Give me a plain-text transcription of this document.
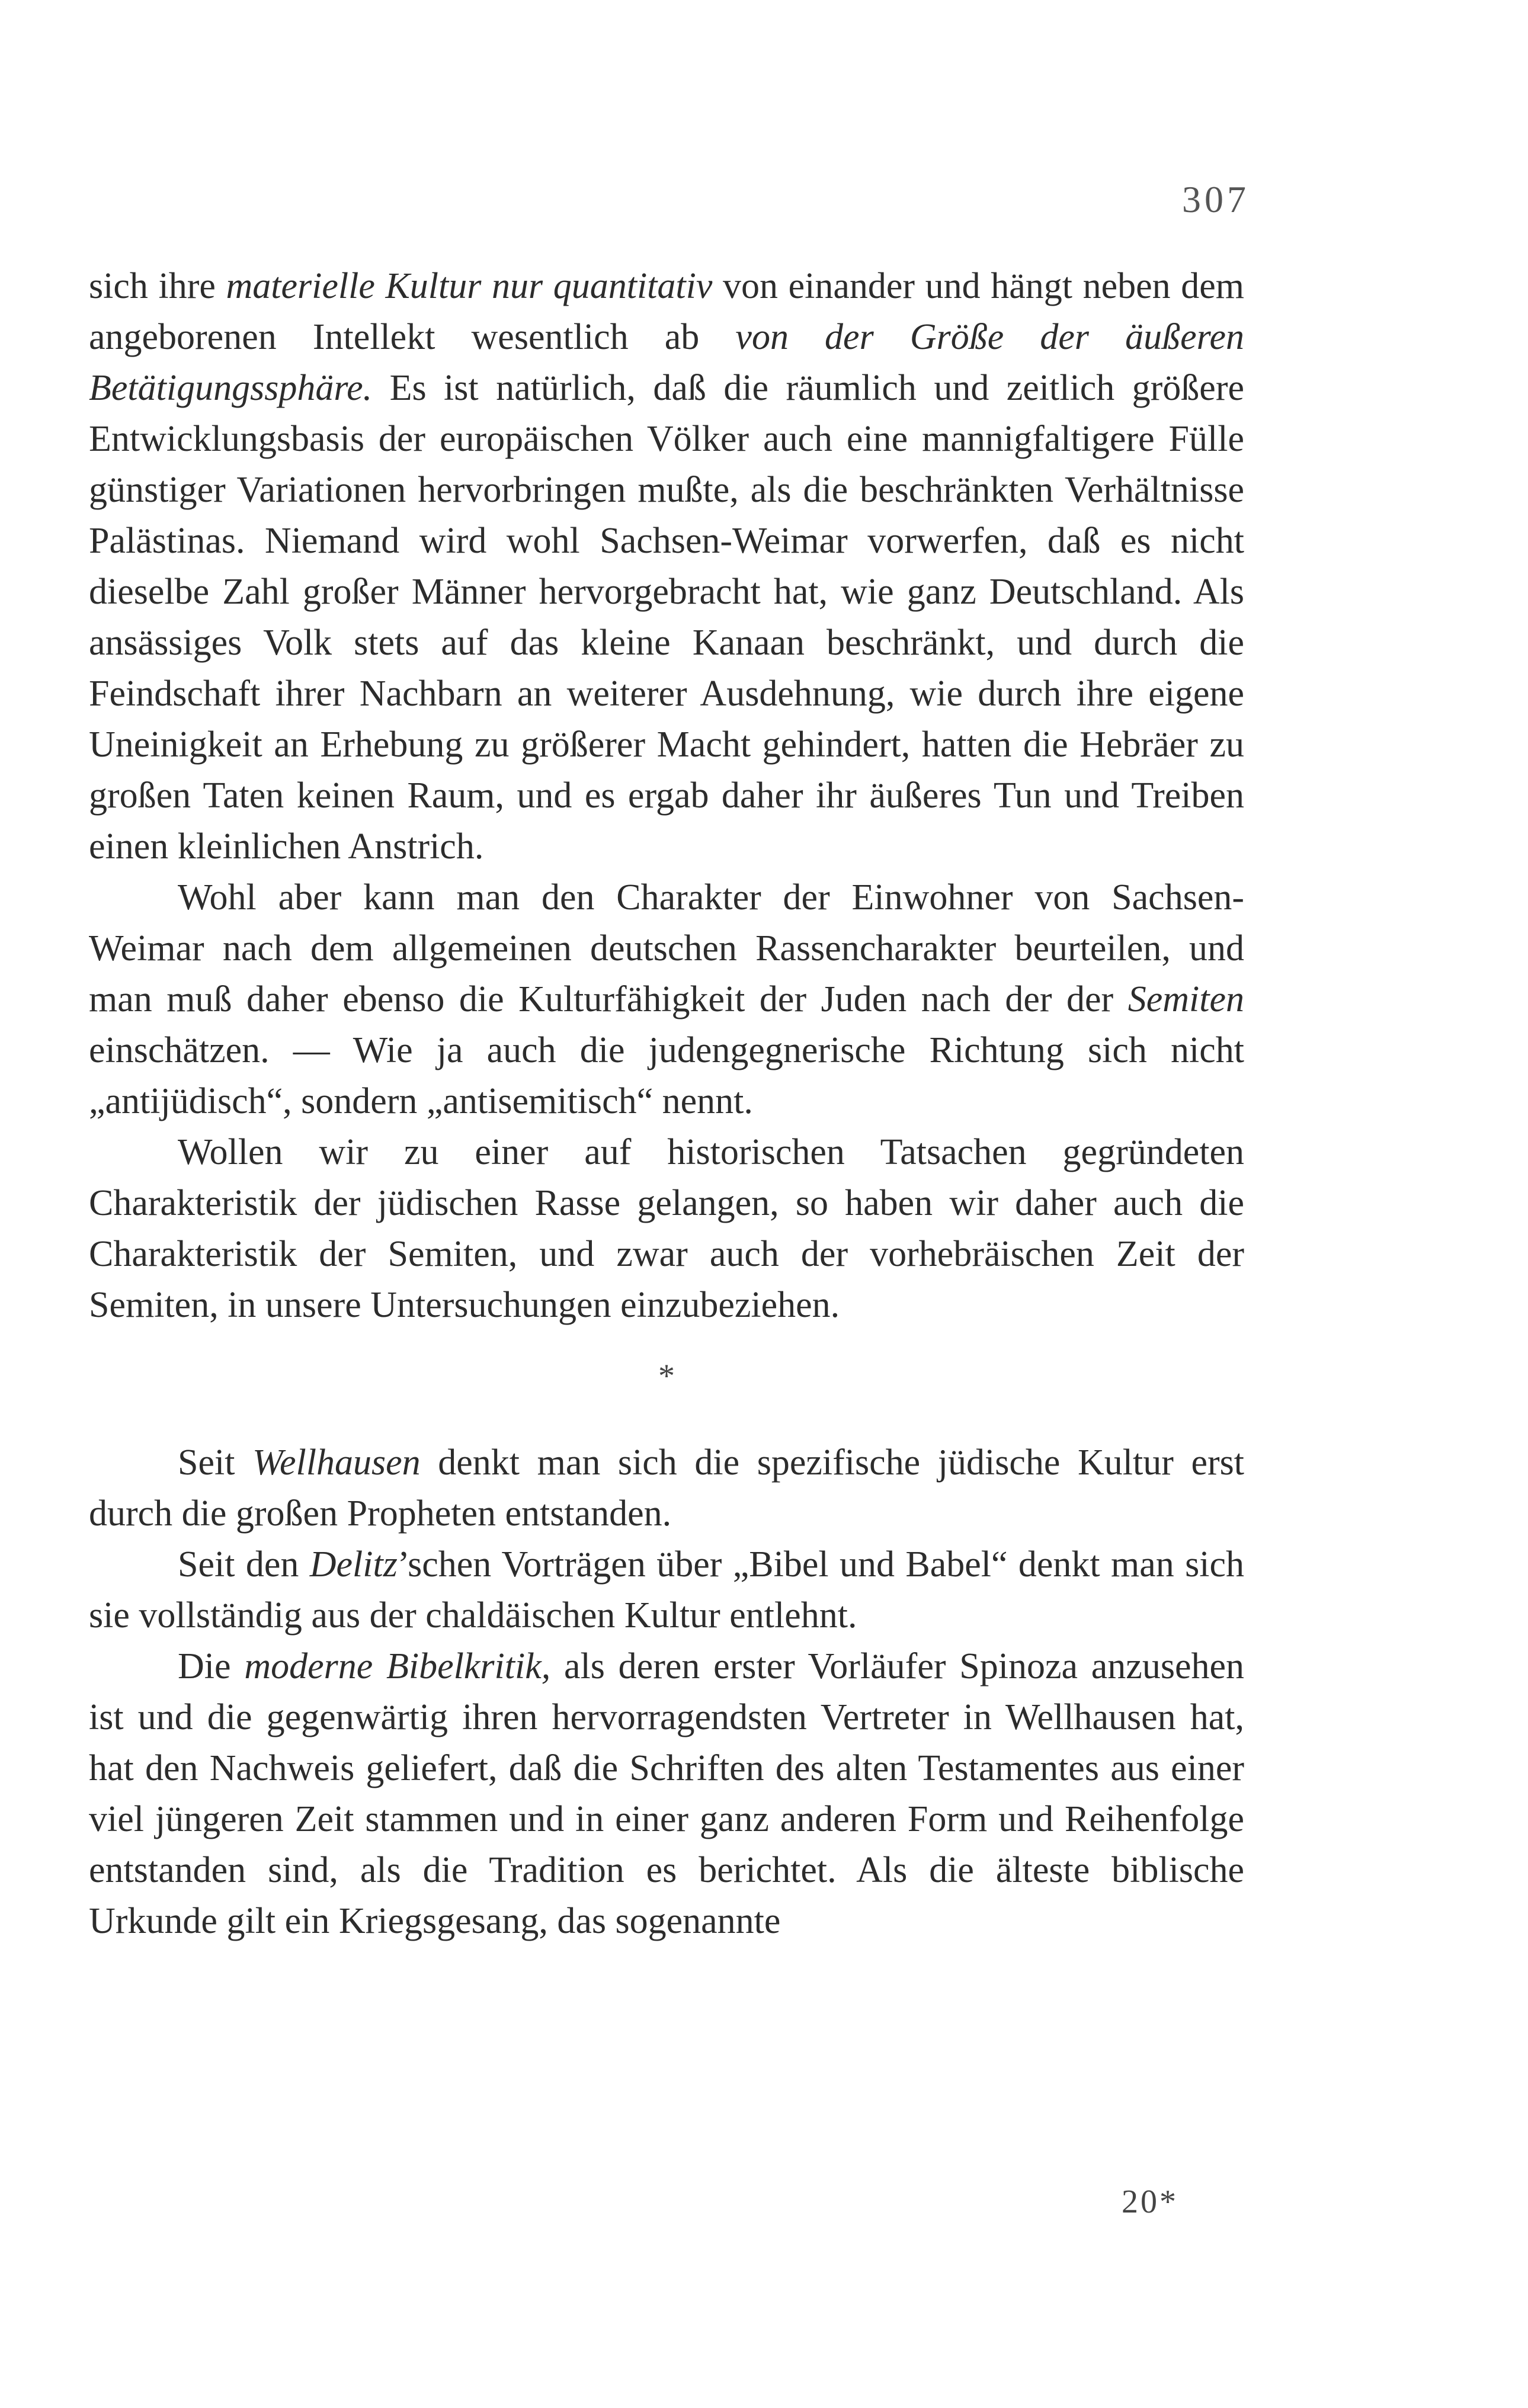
307

sich ihre materielle Kultur nur quantitativ von einander und hängt neben dem angeborenen Intellekt wesentlich ab von der Größe der äußeren Betätigungssphäre. Es ist natürlich, daß die räumlich und zeitlich größere Entwicklungsbasis der europäischen Völker auch eine mannigfaltigere Fülle günstiger Variationen hervorbringen mußte, als die beschränkten Verhältnisse Palästinas. Niemand wird wohl Sachsen-Weimar vorwerfen, daß es nicht dieselbe Zahl großer Männer hervorgebracht hat, wie ganz Deutschland. Als ansässiges Volk stets auf das kleine Kanaan beschränkt, und durch die Feindschaft ihrer Nachbarn an weiterer Ausdehnung, wie durch ihre eigene Uneinigkeit an Erhebung zu größerer Macht gehindert, hatten die Hebräer zu großen Taten keinen Raum, und es ergab daher ihr äußeres Tun und Treiben einen kleinlichen Anstrich.

Wohl aber kann man den Charakter der Einwohner von Sachsen-Weimar nach dem allgemeinen deutschen Rassencharakter beurteilen, und man muß daher ebenso die Kulturfähigkeit der Juden nach der der Semiten einschätzen. — Wie ja auch die judengegnerische Richtung sich nicht „antijüdisch“, sondern „antisemitisch“ nennt.

Wollen wir zu einer auf historischen Tatsachen gegründeten Charakteristik der jüdischen Rasse gelangen, so haben wir daher auch die Charakteristik der Semiten, und zwar auch der vorhebräischen Zeit der Semiten, in unsere Untersuchungen einzubeziehen.

*

Seit Wellhausen denkt man sich die spezifische jüdische Kultur erst durch die großen Propheten entstanden.

Seit den Delitz’schen Vorträgen über „Bibel und Babel“ denkt man sich sie vollständig aus der chaldäischen Kultur entlehnt.

Die moderne Bibelkritik, als deren erster Vorläufer Spinoza anzusehen ist und die gegenwärtig ihren hervorragendsten Vertreter in Wellhausen hat, hat den Nachweis geliefert, daß die Schriften des alten Testamentes aus einer viel jüngeren Zeit stammen und in einer ganz anderen Form und Reihenfolge entstanden sind, als die Tradition es berichtet. Als die älteste biblische Urkunde gilt ein Kriegsgesang, das sogenannte

20*
